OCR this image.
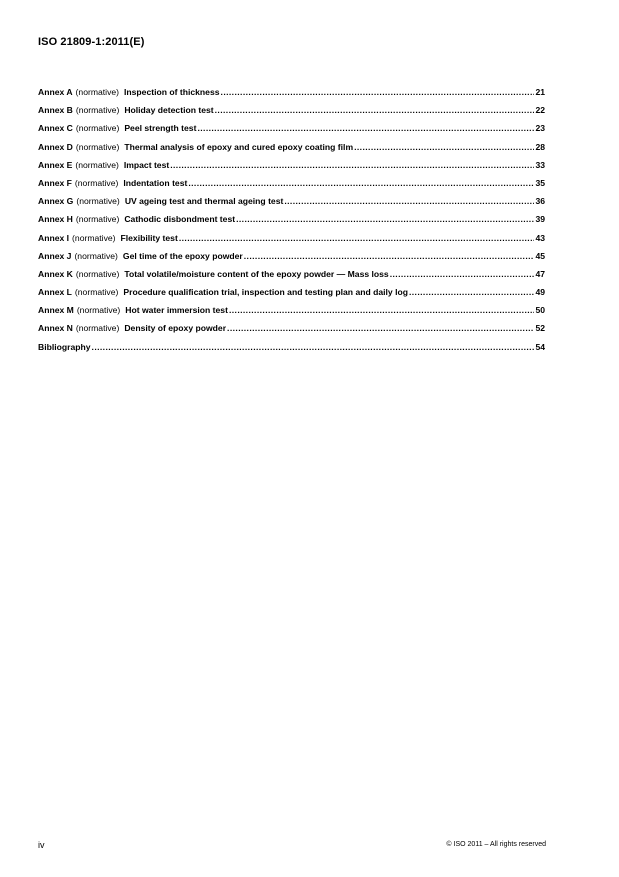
ISO 21809-1:2011(E)
Annex A (normative) Inspection of thickness .....	21
Annex B (normative) Holiday detection test .....	22
Annex C (normative) Peel strength test .....	23
Annex D (normative) Thermal analysis of epoxy and cured epoxy coating film .....	28
Annex E (normative) Impact test .....	33
Annex F (normative) Indentation test .....	35
Annex G (normative) UV ageing test and thermal ageing test .....	36
Annex H (normative) Cathodic disbondment test .....	39
Annex I (normative) Flexibility test .....	43
Annex J (normative) Gel time of the epoxy powder .....	45
Annex K (normative) Total volatile/moisture content of the epoxy powder — Mass loss .....	47
Annex L (normative) Procedure qualification trial, inspection and testing plan and daily log .....	49
Annex M (normative) Hot water immersion test .....	50
Annex N (normative) Density of epoxy powder .....	52
Bibliography .....	54
iv	© ISO 2011 – All rights reserved
